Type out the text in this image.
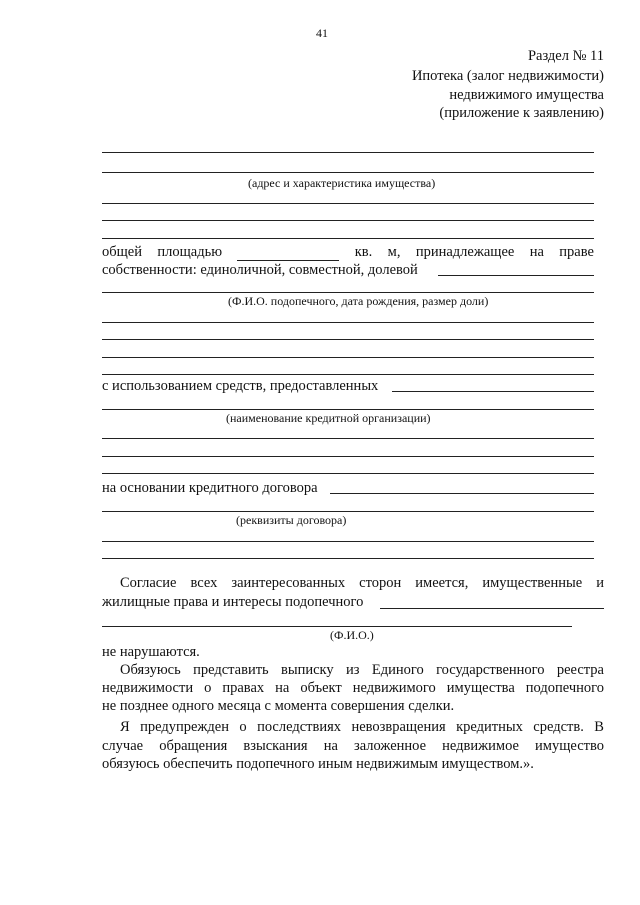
41
Раздел № 11
Ипотека (залог недвижимости)
недвижимого имущества
(приложение к заявлению)
(адрес и характеристика имущества)
общей площадью	кв. м, принадлежащее на праве
собственности: единоличной, совместной, долевой
(Ф.И.О. подопечного, дата рождения, размер доли)
с использованием средств, предоставленных
(наименование кредитной организации)
на основании кредитного договора
(реквизиты договора)
Согласие всех заинтересованных сторон имеется, имущественные и
жилищные права и интересы подопечного
(Ф.И.О.)
не нарушаются.
Обязуюсь представить выписку из Единого государственного реестра
недвижимости о правах на объект недвижимого имущества подопечного
не позднее одного месяца с момента совершения сделки.
Я предупрежден о последствиях невозвращения кредитных средств. В
случае обращения взыскания на заложенное недвижимое имущество
обязуюсь обеспечить подопечного иным недвижимым имуществом.».
